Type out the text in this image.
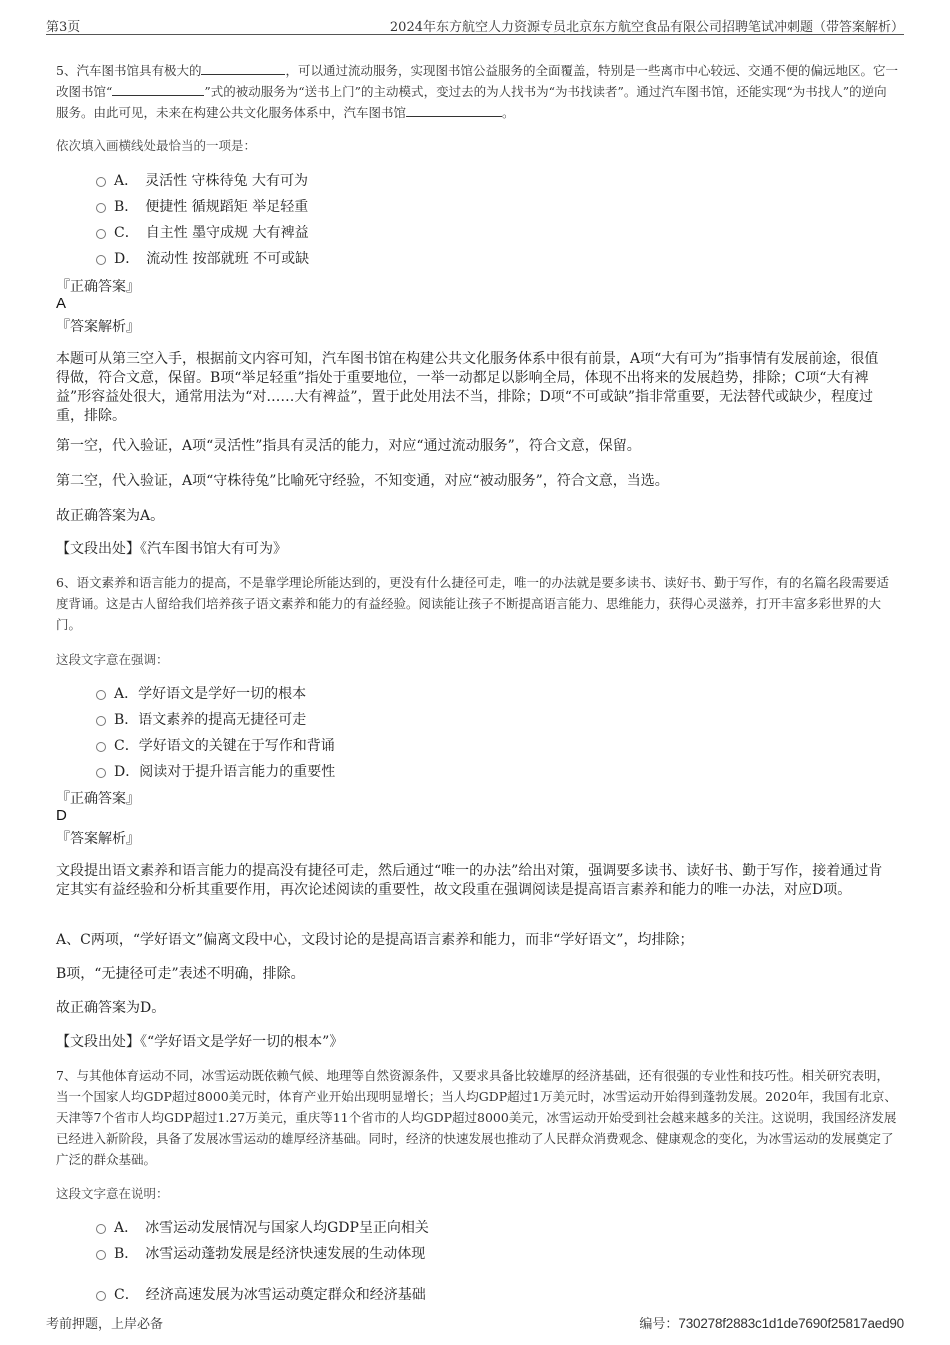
第3页	2024年东方航空人力资源专员北京东方航空食品有限公司招聘笔试冲刺题（带答案解析）
5、汽车图书馆具有极大的	，可以通过流动服务，实现图书馆公益服务的全面覆盖，特别是一些离市中心较远、交通不便的偏远地区。它一改图书馆“	”式的被动服务为“送书上门”的主动模式，变过去的为人找书为“为书找读者”。通过汽车图书馆，还能实现“为书找人”的逆向服务。由此可见，未来在构建公共文化服务体系中，汽车图书馆	。
依次填入画横线处最恰当的一项是：
A．　灵活性 守株待兔 大有可为
B．　便捷性 循规蹈矩 举足轻重
C．　自主性 墨守成规 大有裨益
D．　流动性 按部就班 不可或缺
『正确答案』
A
『答案解析』
本题可从第三空入手，根据前文内容可知，汽车图书馆在构建公共文化服务体系中很有前景，A项“大有可为”指事情有发展前途，很值得做，符合文意，保留。B项“举足轻重”指处于重要地位，一举一动都足以影响全局，体现不出将来的发展趋势，排除；C项“大有裨益”形容益处很大，通常用法为“对……大有裨益”，置于此处用法不当，排除；D项“不可或缺”指非常重要，无法替代或缺少，程度过重，排除。
第一空，代入验证，A项“灵活性”指具有灵活的能力，对应“通过流动服务”，符合文意，保留。
第二空，代入验证，A项“守株待兔”比喻死守经验，不知变通，对应“被动服务”，符合文意，当选。
故正确答案为A。
【文段出处】《汽车图书馆大有可为》
6、语文素养和语言能力的提高，不是靠学理论所能达到的，更没有什么捷径可走，唯一的办法就是要多读书、读好书、勤于写作，有的名篇名段需要适度背诵。这是古人留给我们培养孩子语文素养和能力的有益经验。阅读能让孩子不断提高语言能力、思维能力，获得心灵滋养，打开丰富多彩世界的大门。
这段文字意在强调：
A．学好语文是学好一切的根本
B．语文素养的提高无捷径可走
C．学好语文的关键在于写作和背诵
D．阅读对于提升语言能力的重要性
『正确答案』
D
『答案解析』
文段提出语文素养和语言能力的提高没有捷径可走，然后通过“唯一的办法”给出对策，强调要多读书、读好书、勤于写作，接着通过肯定其实有益经验和分析其重要作用，再次论述阅读的重要性，故文段重在强调阅读是提高语言素养和能力的唯一办法，对应D项。
A、C两项，“学好语文”偏离文段中心，文段讨论的是提高语言素养和能力，而非“学好语文”，均排除；
B项，“无捷径可走”表述不明确，排除。
故正确答案为D。
【文段出处】《“学好语文是学好一切的根本”》
7、与其他体育运动不同，冰雪运动既依赖气候、地理等自然资源条件，又要求具备比较雄厚的经济基础，还有很强的专业性和技巧性。相关研究表明，当一个国家人均GDP超过8000美元时，体育产业开始出现明显增长；当人均GDP超过1万美元时，冰雪运动开始得到蓬勃发展。2020年，我国有北京、天津等7个省市人均GDP超过1.27万美元，重庆等11个省市的人均GDP超过8000美元，冰雪运动开始受到社会越来越多的关注。这说明，我国经济发展已经进入新阶段，具备了发展冰雪运动的雄厚经济基础。同时，经济的快速发展也推动了人民群众消费观念、健康观念的变化，为冰雪运动的发展奠定了广泛的群众基础。
这段文字意在说明：
A．　冰雪运动发展情况与国家人均GDP呈正向相关
B．　冰雪运动蓬勃发展是经济快速发展的生动体现
C．　经济高速发展为冰雪运动奠定群众和经济基础
考前押题，上岸必备	编号：730278f2883c1d1de7690f25817aed90
